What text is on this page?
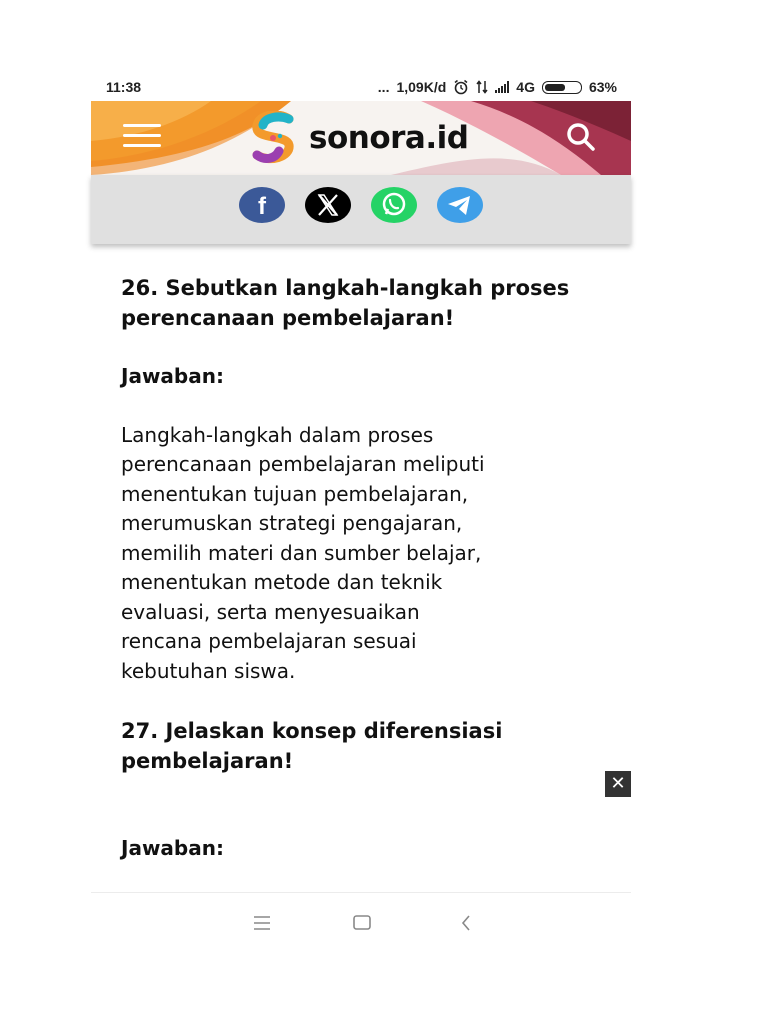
11:38	... 1,09K/d	4G	63%
sonora.id
f
26. Sebutkan langkah-langkah proses
perencanaan pembelajaran!

Jawaban:

Langkah-langkah dalam proses
perencanaan pembelajaran meliputi
menentukan tujuan pembelajaran,
merumuskan strategi pengajaran,
memilih materi dan sumber belajar,
menentukan metode dan teknik
evaluasi, serta menyesuaikan
rencana pembelajaran sesuai
kebutuhan siswa.

27. Jelaskan konsep diferensiasi
pembelajaran!

Jawaban:

✕
